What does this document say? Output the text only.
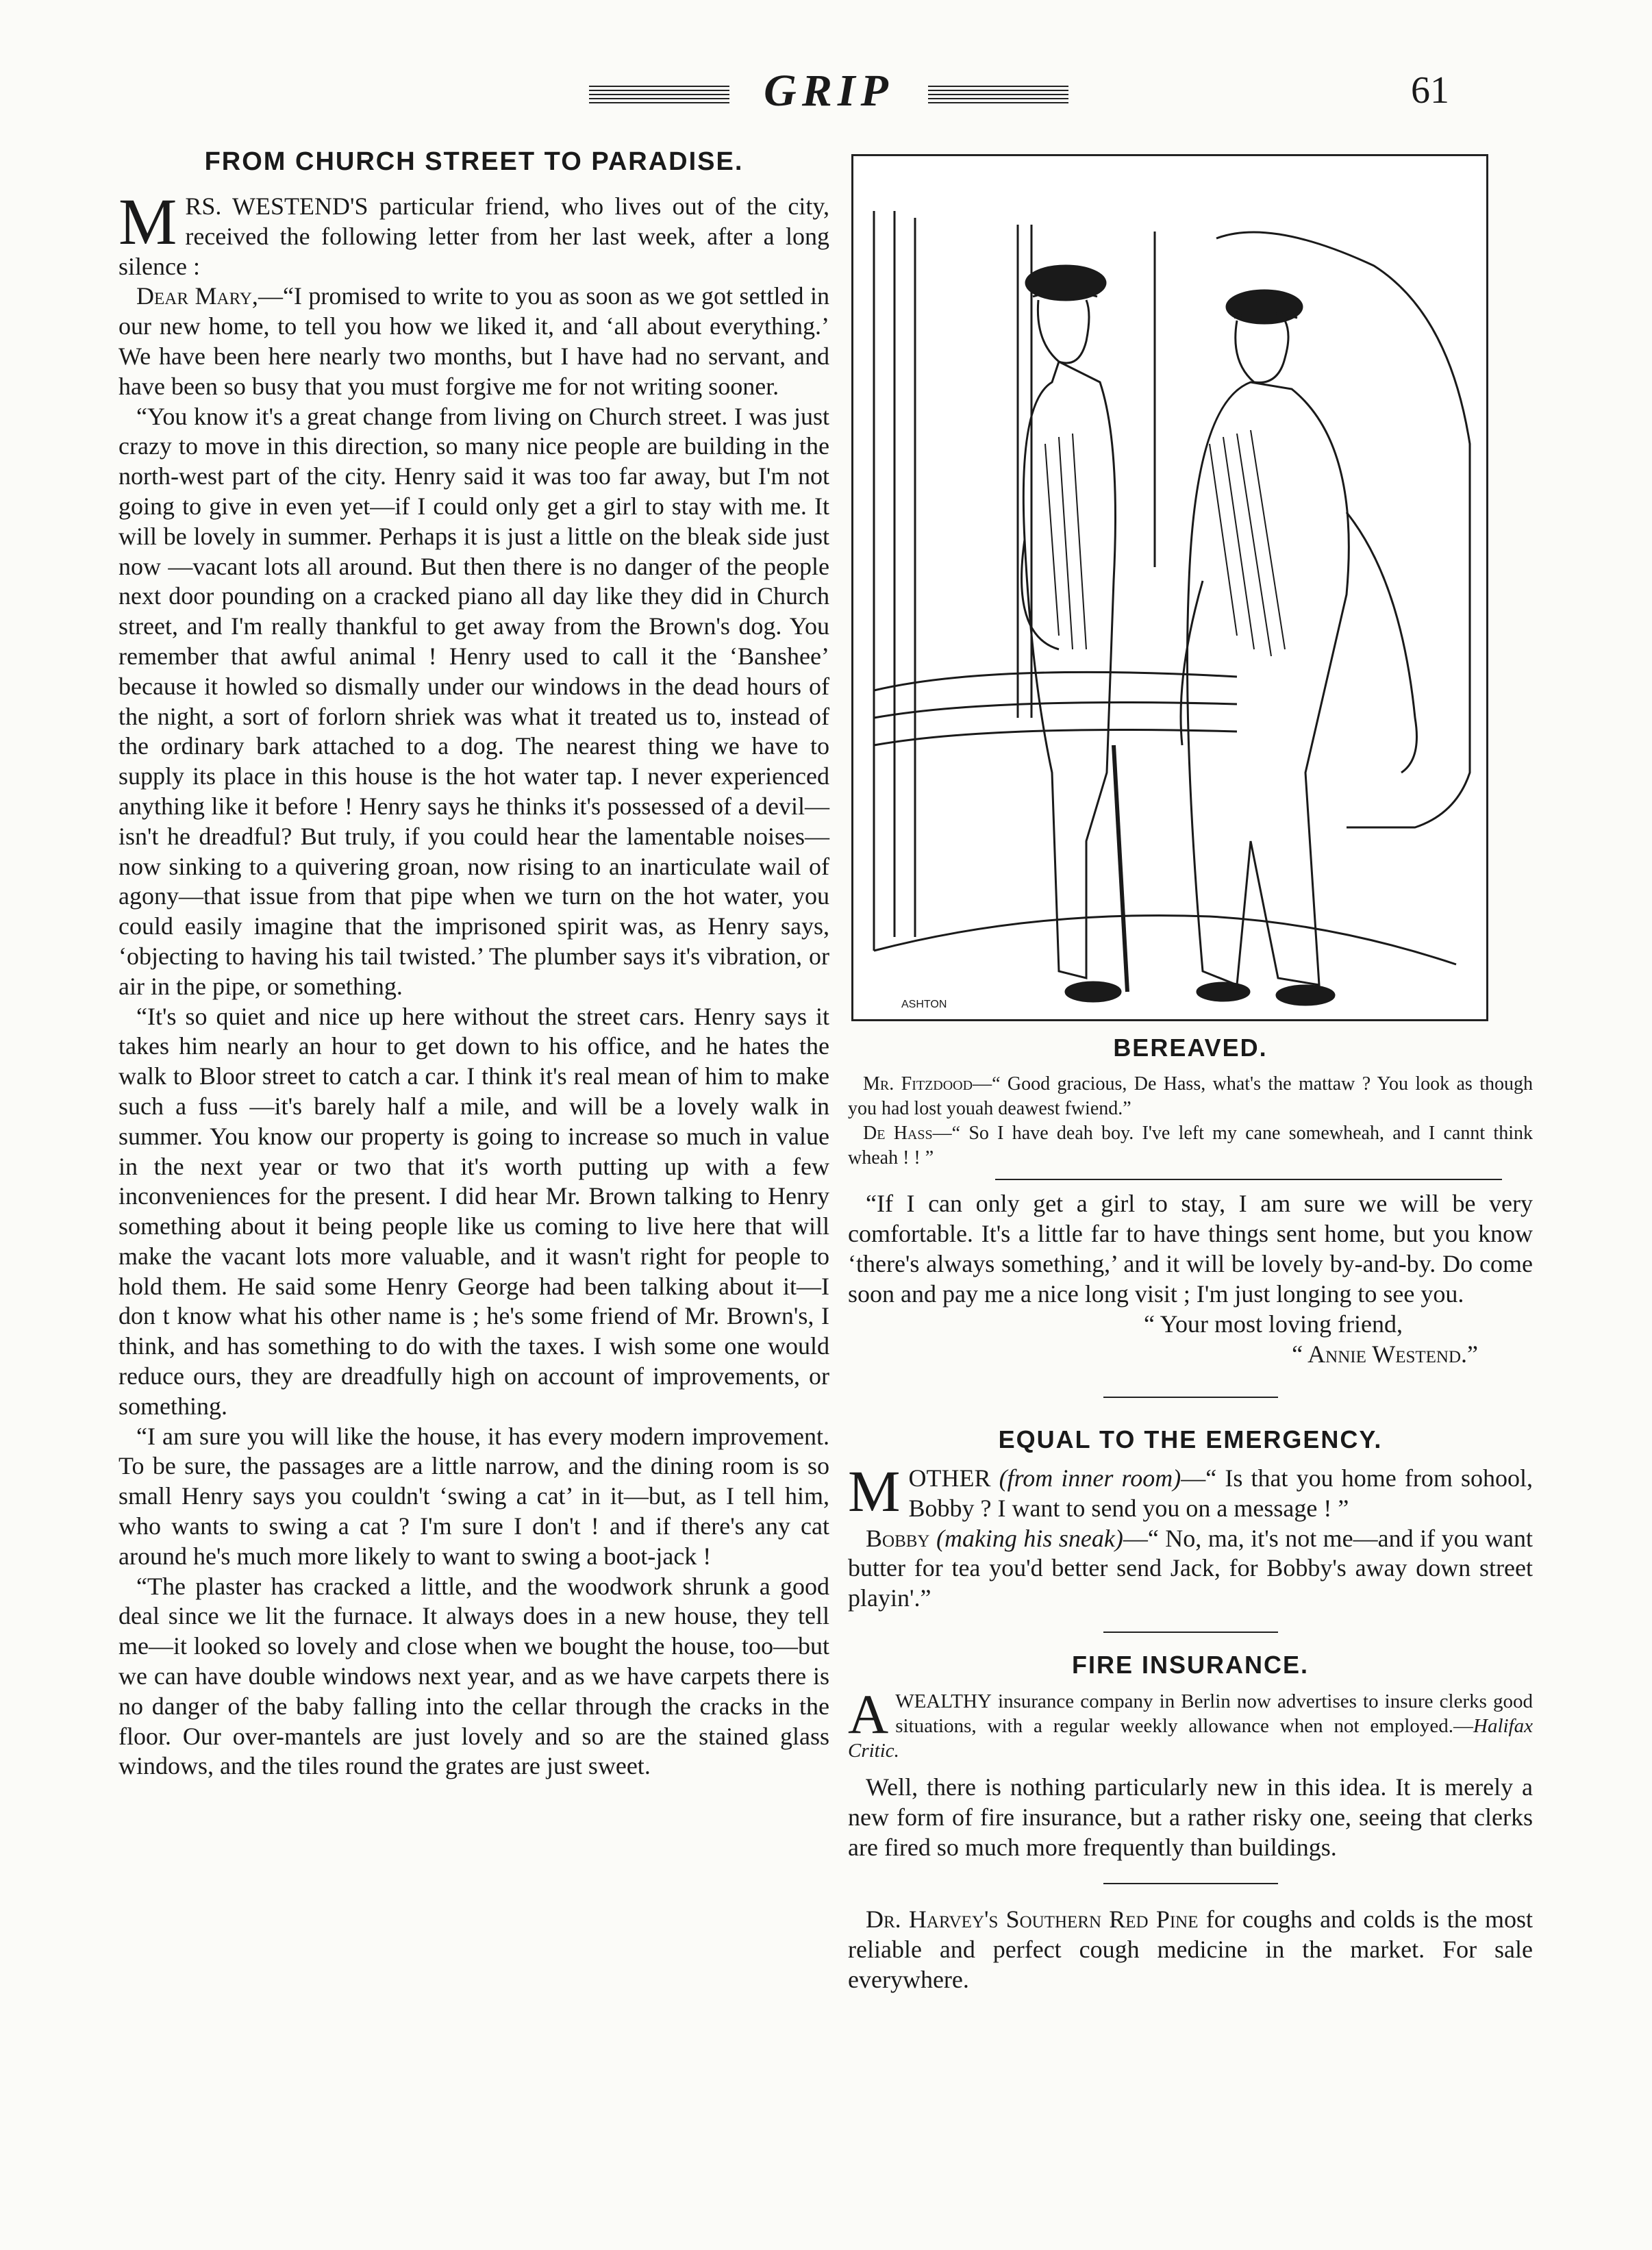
GRIP	61
FROM CHURCH STREET TO PARADISE.

MRS. WESTEND'S particular friend, who lives out of the city, received the following letter from her last week, after a long silence :

Dear Mary,—“I promised to write to you as soon as we got settled in our new home, to tell you how we liked it, and ‘all about everything.’ We have been here nearly two months, but I have had no servant, and have been so busy that you must forgive me for not writing sooner.

“You know it's a great change from living on Church street. I was just crazy to move in this direction, so many nice people are building in the north-west part of the city. Henry said it was too far away, but I'm not going to give in even yet—if I could only get a girl to stay with me. It will be lovely in summer. Perhaps it is just a little on the bleak side just now —vacant lots all around. But then there is no danger of the people next door pounding on a cracked piano all day like they did in Church street, and I'm really thankful to get away from the Brown's dog. You remember that awful animal ! Henry used to call it the ‘Banshee’ because it howled so dismally under our windows in the dead hours of the night, a sort of forlorn shriek was what it treated us to, instead of the ordinary bark attached to a dog. The nearest thing we have to supply its place in this house is the hot water tap. I never experienced anything like it before ! Henry says he thinks it's possessed of a devil—isn't he dreadful? But truly, if you could hear the lamentable noises—now sinking to a quivering groan, now rising to an inarticulate wail of agony—that issue from that pipe when we turn on the hot water, you could easily imagine that the imprisoned spirit was, as Henry says, ‘objecting to having his tail twisted.’ The plumber says it's vibration, or air in the pipe, or something.

“It's so quiet and nice up here without the street cars. Henry says it takes him nearly an hour to get down to his office, and he hates the walk to Bloor street to catch a car. I think it's real mean of him to make such a fuss —it's barely half a mile, and will be a lovely walk in summer. You know our property is going to increase so much in value in the next year or two that it's worth putting up with a few inconveniences for the present. I did hear Mr. Brown talking to Henry something about it being people like us coming to live here that will make the vacant lots more valuable, and it wasn't right for people to hold them. He said some Henry George had been talking about it—I don t know what his other name is ; he's some friend of Mr. Brown's, I think, and has something to do with the taxes. I wish some one would reduce ours, they are dreadfully high on account of improvements, or something.

“I am sure you will like the house, it has every modern improvement. To be sure, the passages are a little narrow, and the dining room is so small Henry says you couldn't ‘swing a cat’ in it—but, as I tell him, who wants to swing a cat ? I'm sure I don't ! and if there's any cat around he's much more likely to want to swing a boot-jack !

“The plaster has cracked a little, and the woodwork shrunk a good deal since we lit the furnace. It always does in a new house, they tell me—it looked so lovely and close when we bought the house, too—but we can have double windows next year, and as we have carpets there is no danger of the baby falling into the cellar through the cracks in the floor. Our over-mantels are just lovely and so are the stained glass windows, and the tiles round the grates are just sweet.

ASHTON
BEREAVED.

Mr. Fitzdood—“ Good gracious, De Hass, what's the mattaw ? You look as though you had lost youah deawest fwiend.”

De Hass—“ So I have deah boy. I've left my cane somewheah, and I cannt think wheah ! ! ”

“If I can only get a girl to stay, I am sure we will be very comfortable. It's a little far to have things sent home, but you know ‘there's always something,’ and it will be lovely by-and-by. Do come soon and pay me a nice long visit ; I'm just longing to see you.

“ Your most loving friend,
“ Annie Westend.”
EQUAL TO THE EMERGENCY.

MOTHER (from inner room)—“ Is that you home from sohool, Bobby ? I want to send you on a message ! ”

Bobby (making his sneak)—“ No, ma, it's not me—and if you want butter for tea you'd better send Jack, for Bobby's away down street playin'.”

FIRE INSURANCE.

AWEALTHY insurance company in Berlin now advertises to insure clerks good situations, with a regular weekly allowance when not employed.—Halifax Critic.

Well, there is nothing particularly new in this idea. It is merely a new form of fire insurance, but a rather risky one, seeing that clerks are fired so much more frequently than buildings.

Dr. Harvey's Southern Red Pine for coughs and colds is the most reliable and perfect cough medicine in the market. For sale everywhere.
